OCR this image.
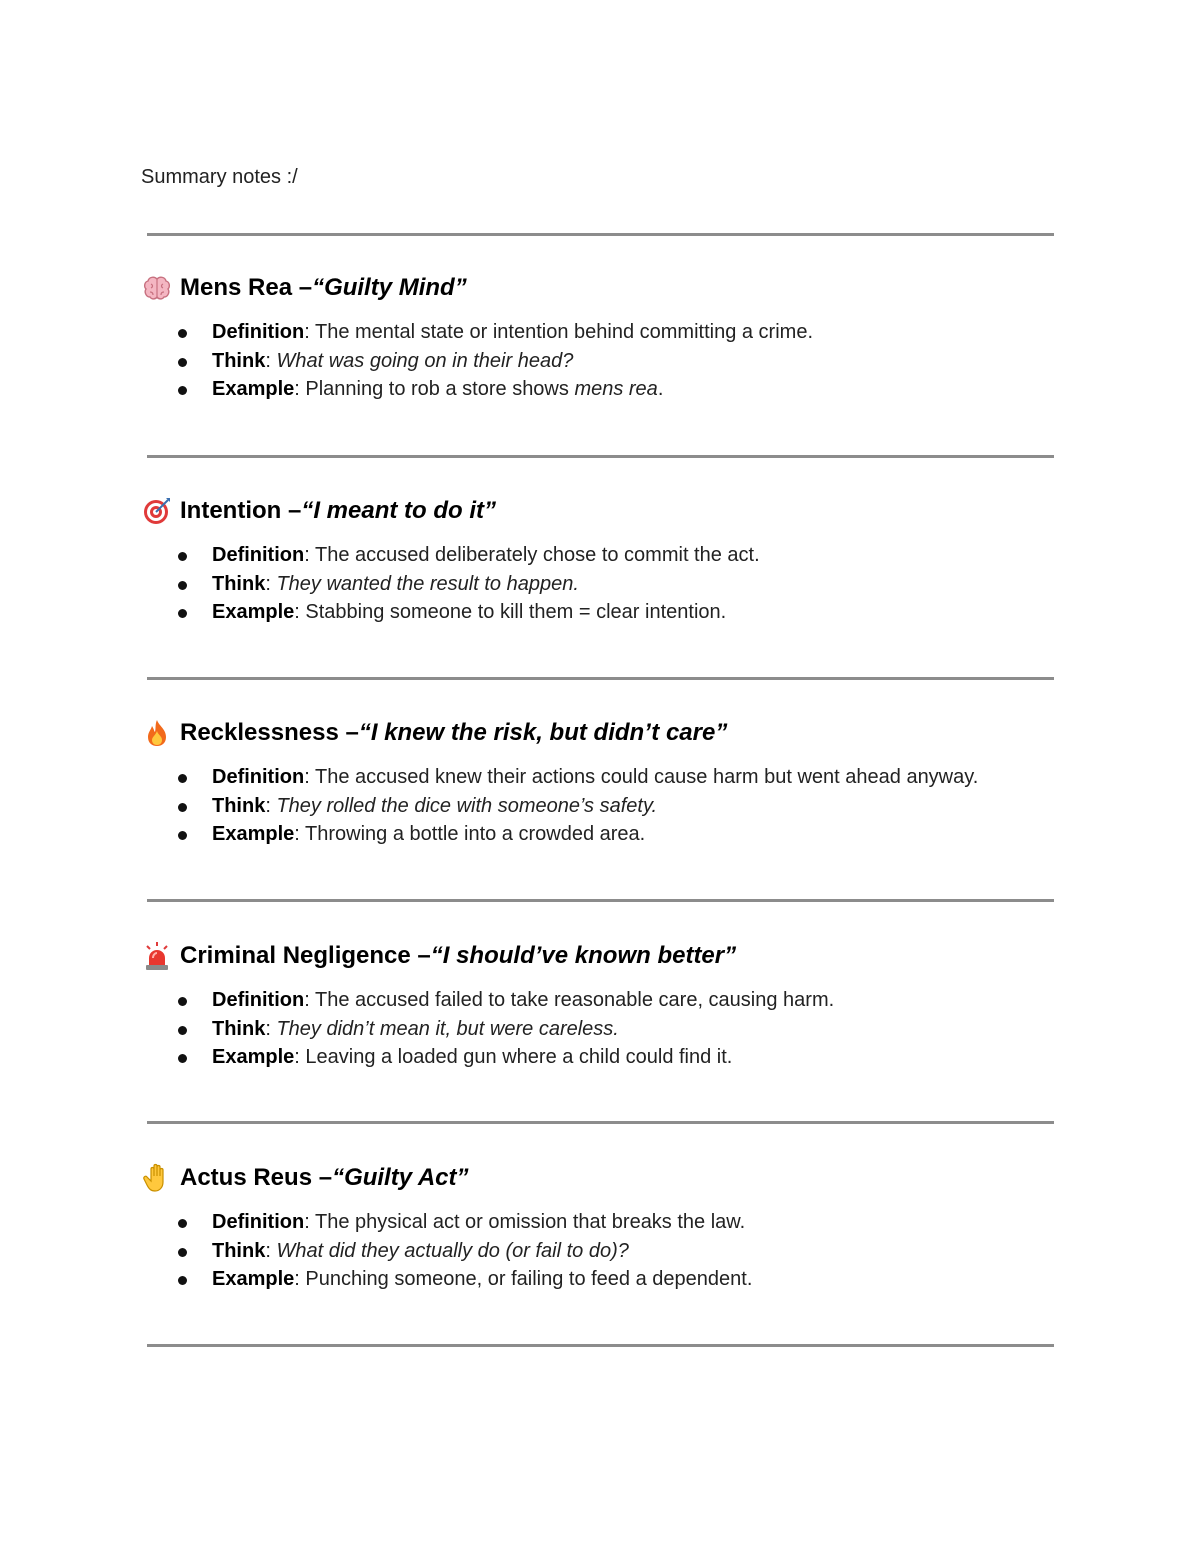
Summary notes :/
Mens Rea – “Guilty Mind”
Definition: The mental state or intention behind committing a crime.
Think: What was going on in their head?
Example: Planning to rob a store shows mens rea.
Intention – “I meant to do it”
Definition: The accused deliberately chose to commit the act.
Think: They wanted the result to happen.
Example: Stabbing someone to kill them = clear intention.
Recklessness – “I knew the risk, but didn’t care”
Definition: The accused knew their actions could cause harm but went ahead anyway.
Think: They rolled the dice with someone’s safety.
Example: Throwing a bottle into a crowded area.
Criminal Negligence – “I should’ve known better”
Definition: The accused failed to take reasonable care, causing harm.
Think: They didn’t mean it, but were careless.
Example: Leaving a loaded gun where a child could find it.
Actus Reus – “Guilty Act”
Definition: The physical act or omission that breaks the law.
Think: What did they actually do (or fail to do)?
Example: Punching someone, or failing to feed a dependent.
